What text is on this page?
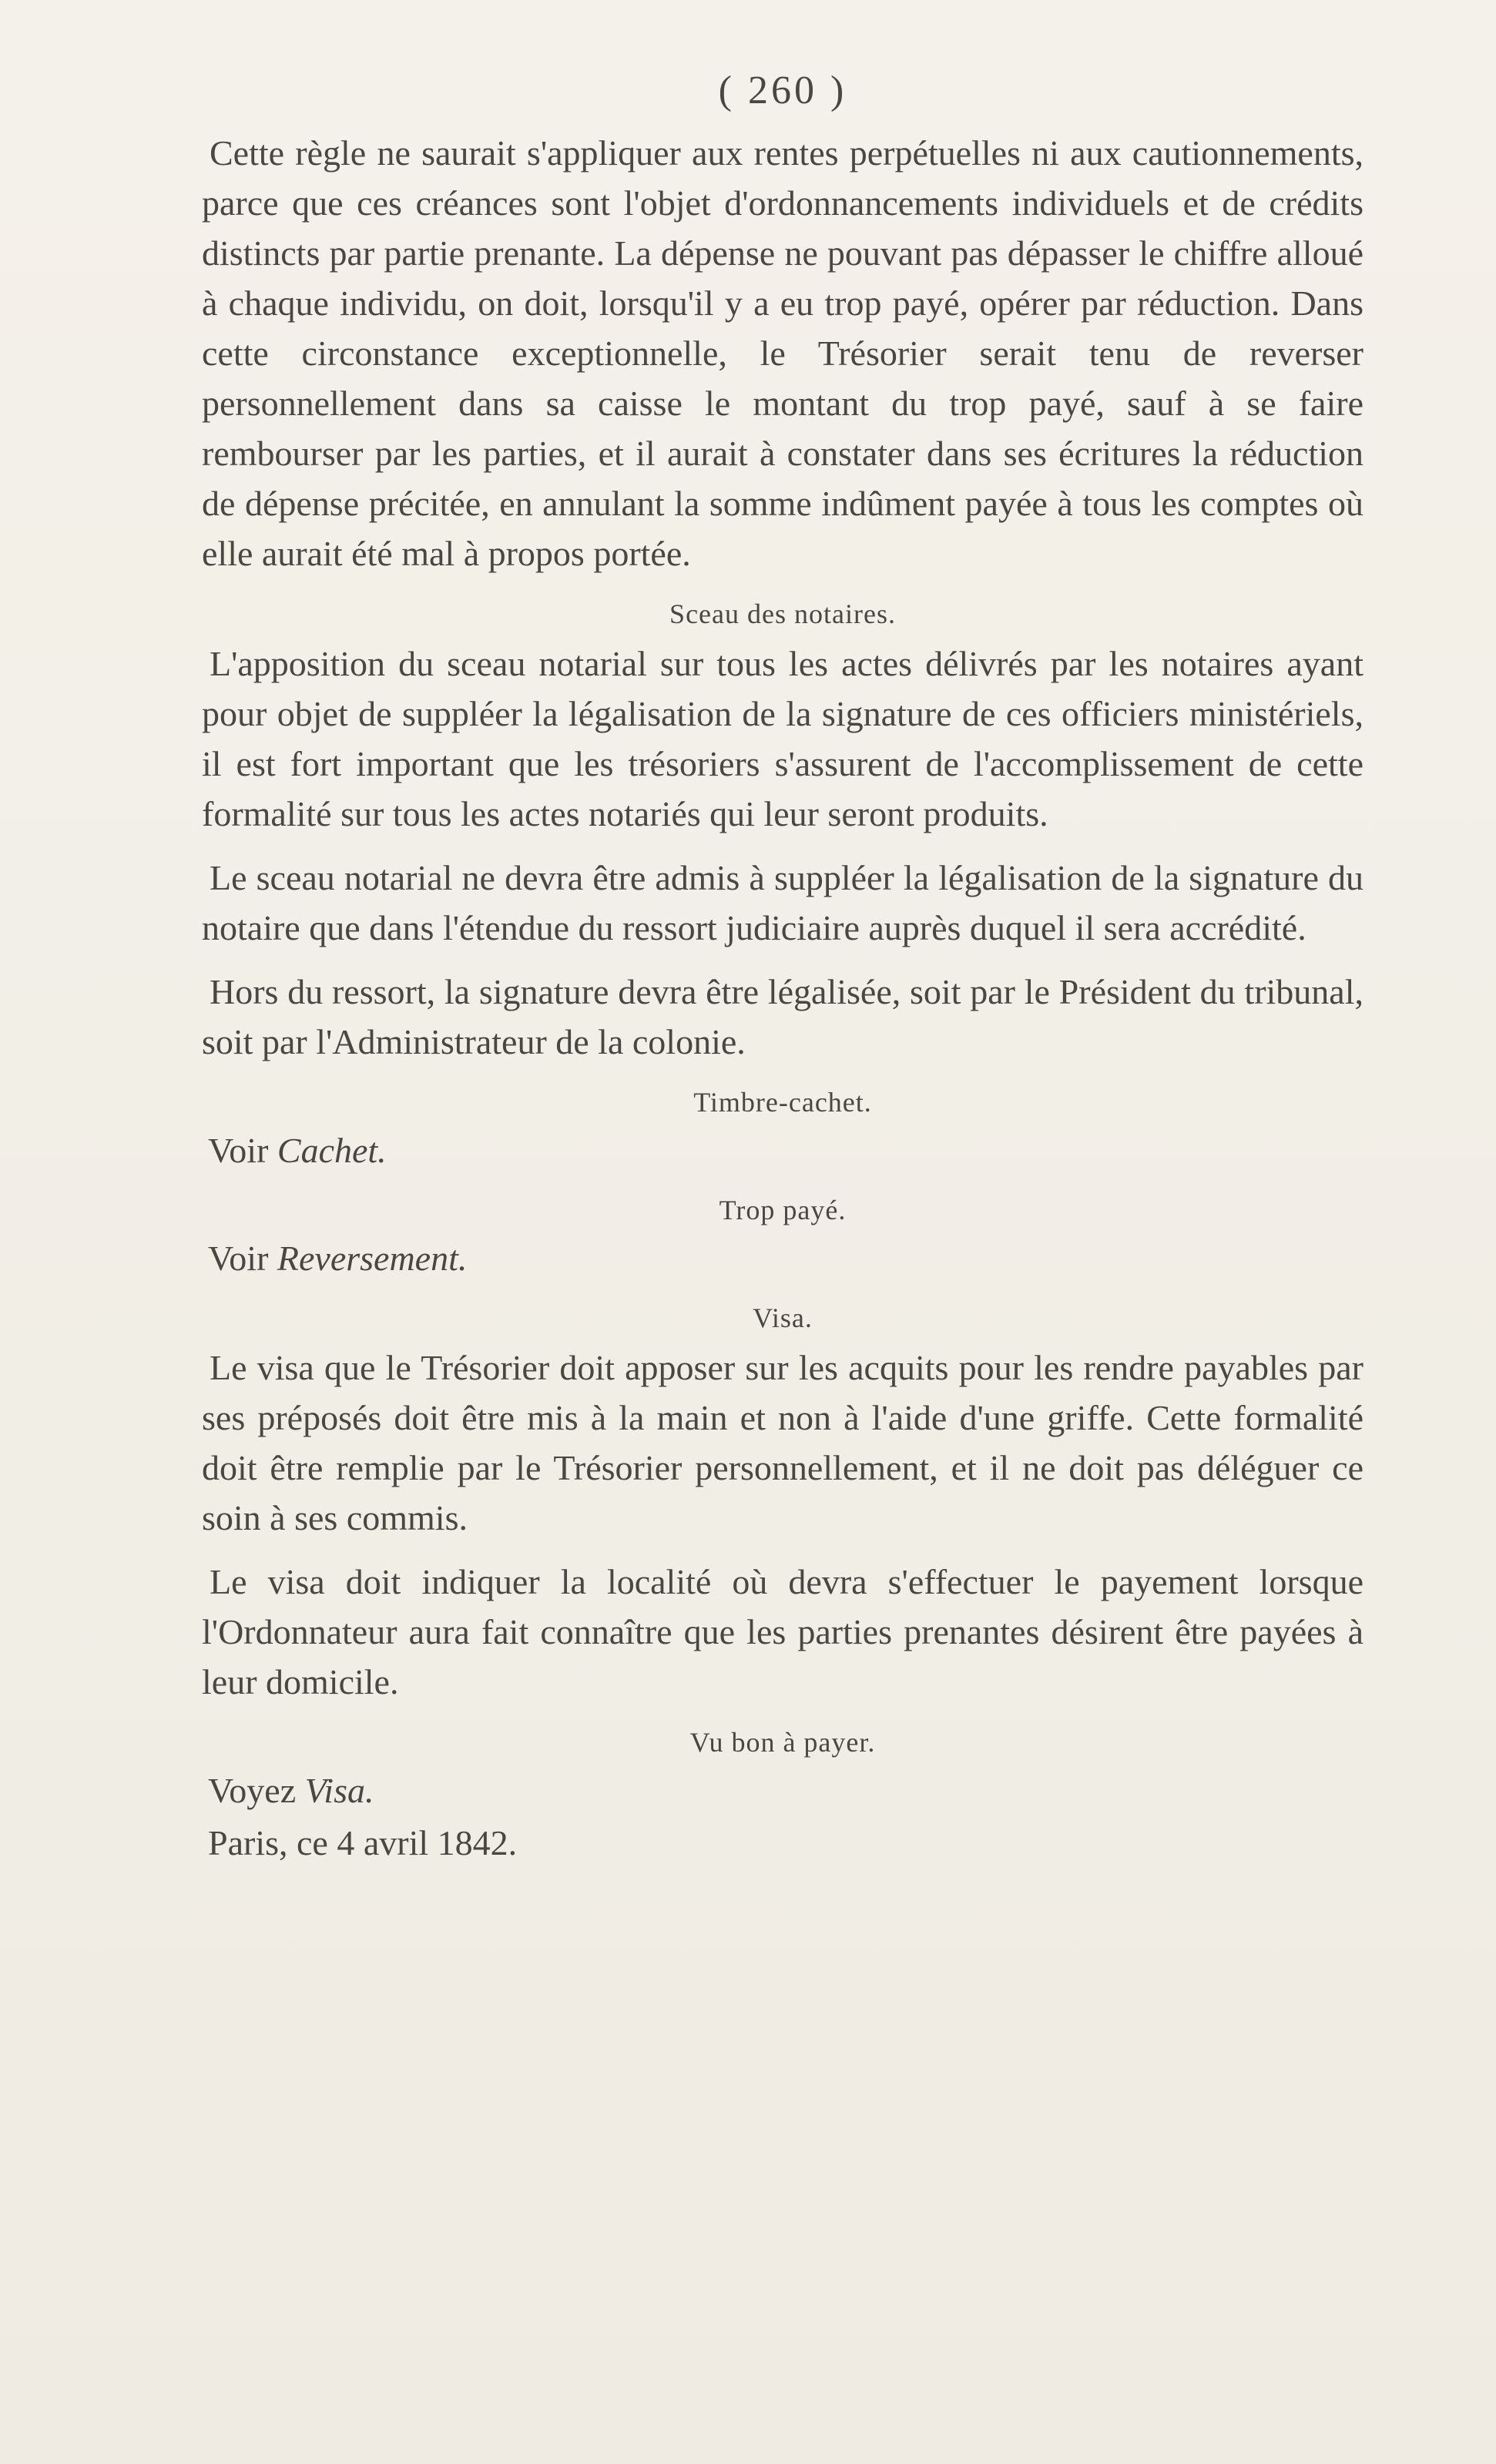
( 260 )

Cette règle ne saurait s'appliquer aux rentes perpétuelles ni aux cautionnements, parce que ces créances sont l'objet d'ordonnancements individuels et de crédits distincts par partie prenante. La dépense ne pouvant pas dépasser le chiffre alloué à chaque individu, on doit, lorsqu'il y a eu trop payé, opérer par réduction. Dans cette circonstance exceptionnelle, le Trésorier serait tenu de reverser personnellement dans sa caisse le montant du trop payé, sauf à se faire rembourser par les parties, et il aurait à constater dans ses écritures la réduction de dépense précitée, en annulant la somme indûment payée à tous les comptes où elle aurait été mal à propos portée.

Sceau des notaires.

L'apposition du sceau notarial sur tous les actes délivrés par les notaires ayant pour objet de suppléer la légalisation de la signature de ces officiers ministériels, il est fort important que les trésoriers s'assurent de l'accomplissement de cette formalité sur tous les actes notariés qui leur seront produits.

Le sceau notarial ne devra être admis à suppléer la légalisation de la signature du notaire que dans l'étendue du ressort judiciaire auprès duquel il sera accrédité.

Hors du ressort, la signature devra être légalisée, soit par le Président du tribunal, soit par l'Administrateur de la colonie.

Timbre-cachet.

Voir Cachet.

Trop payé.

Voir Reversement.

Visa.

Le visa que le Trésorier doit apposer sur les acquits pour les rendre payables par ses préposés doit être mis à la main et non à l'aide d'une griffe. Cette formalité doit être remplie par le Trésorier personnellement, et il ne doit pas déléguer ce soin à ses commis.

Le visa doit indiquer la localité où devra s'effectuer le payement lorsque l'Ordonnateur aura fait connaître que les parties prenantes désirent être payées à leur domicile.

Vu bon à payer.

Voyez Visa.

Paris, ce 4 avril 1842.
